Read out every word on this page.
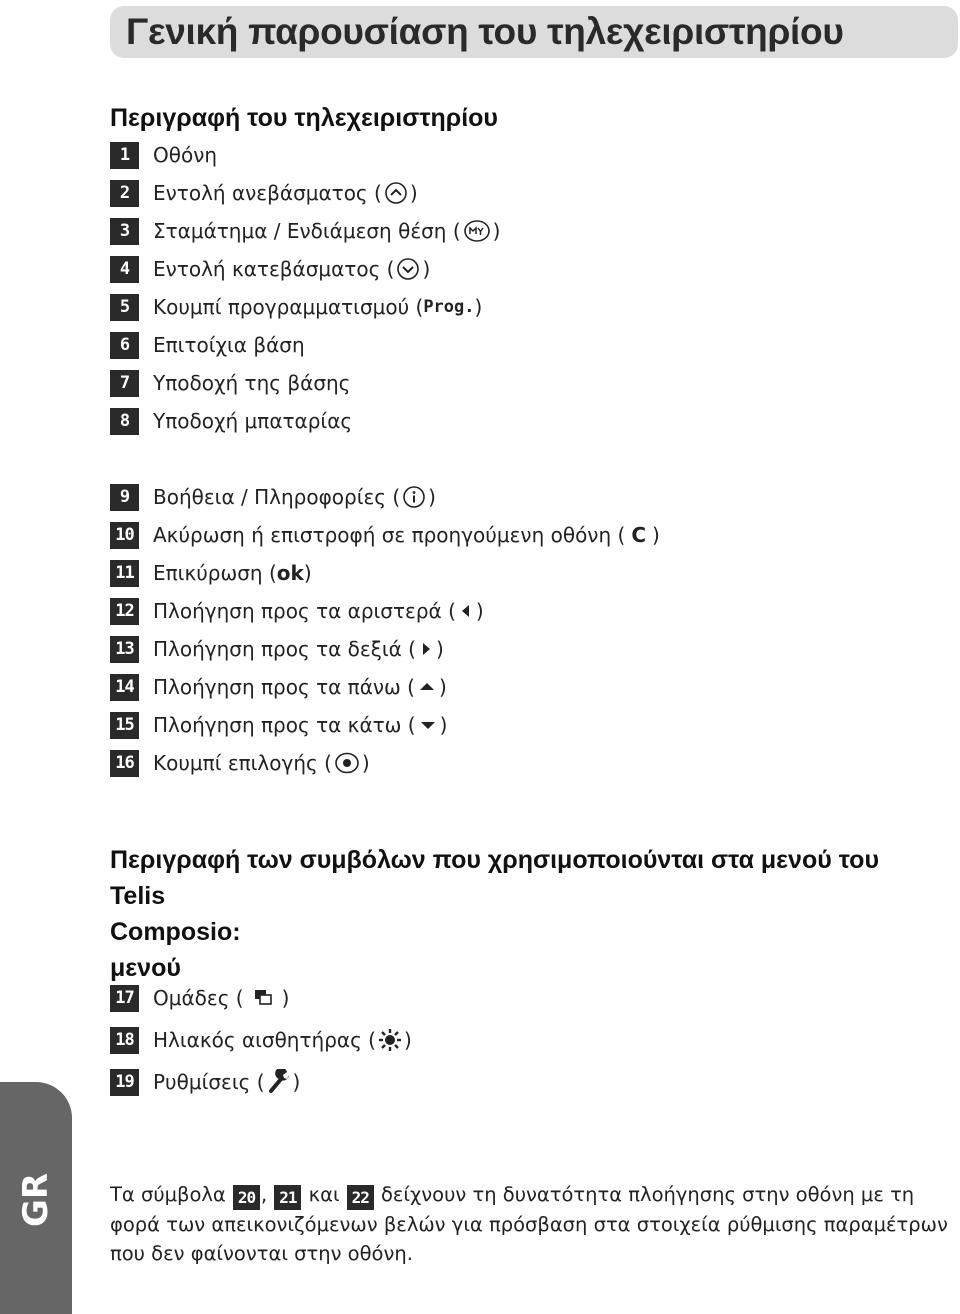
Γενική παρουσίαση του τηλεχειριστηρίου
Περιγραφή του τηλεχειριστηρίου
1	Οθόνη
2	Εντολή ανεβάσματος ( )
3	Σταμάτημα / Ενδιάμεση θέση ( )
4	Εντολή κατεβάσματος ( )
5	Κουμπί προγραμματισμού ( Prog. )
6	Επιτοίχια βάση
7	Υποδοχή της βάσης
8	Υποδοχή μπαταρίας
9	Βοήθεια / Πληροφορίες ( )
10 Ακύρωση ή επιστροφή σε προηγούμενη οθόνη ( C )
11 Επικύρωση ( ok )
12 Πλοήγηση προς τα αριστερά ( )
13 Πλοήγηση προς τα δεξιά ( )
14 Πλοήγηση προς τα πάνω ( )
15 Πλοήγηση προς τα κάτω ( )
16 Κουμπί επιλογής ( )
Περιγραφή των συμβόλων που χρησιμοποιούνται στα μενού του Telis
Composio:
μενού
17 Ομάδες ( )
18 Ηλιακός αισθητήρας ( )
19 Ρυθμίσεις ( )
GR	Τα σύμβολα 20 , 21 και 22 δείχνουν τη δυνατότητα πλοήγησης στην οθόνη με τη φορά των απεικονιζόμενων βελών για πρόσβαση στα στοιχεία ρύθμισης παραμέτρων που δεν φαίνονται στην οθόνη.
